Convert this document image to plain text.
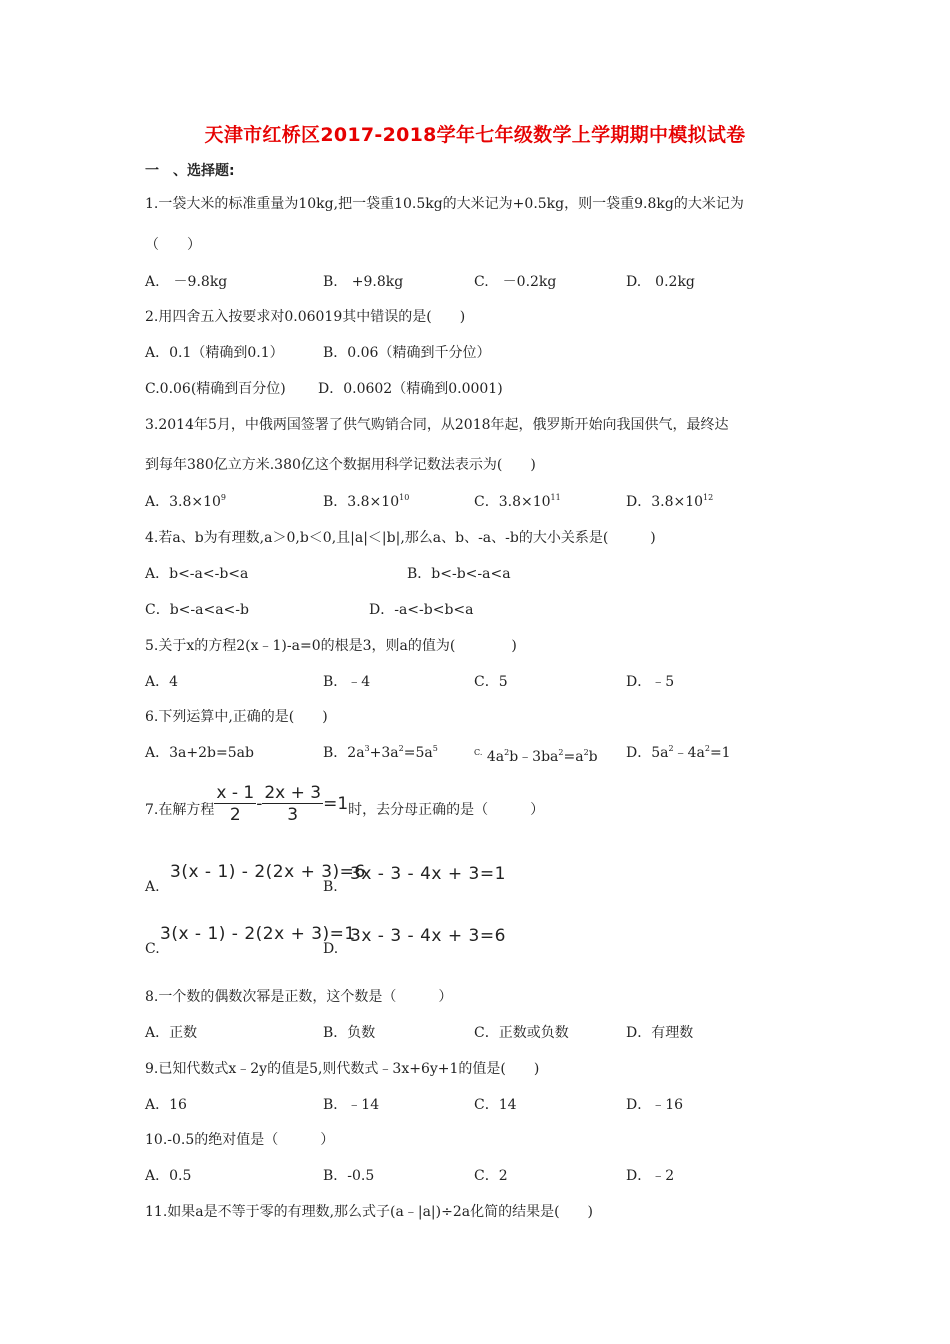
天津市红桥区2017-2018学年七年级数学上学期期中模拟试卷
一　、选择题:
1.一袋大米的标准重量为10kg,把一袋重10.5kg的大米记为+0.5kg，则一袋重9.8kg的大米记为
（　　）
A.　－9.8kg	B.　+9.8kg	C.　－0.2kg	D.　0.2kg
2.用四舍五入按要求对0.06019其中错误的是(　　)
A．0.1（精确到0.1）	B．0.06（精确到千分位）
C.0.06(精确到百分位) D．0.0602（精确到0.0001)
3.2014年5月，中俄两国签署了供气购销合同，从2018年起，俄罗斯开始向我国供气，最终达
到每年380亿立方米.380亿这个数据用科学记数法表示为(　　)
A．$3.8\times 10^9$	B．$3.8\times 10^{10}$	C．$3.8\times 10^{11}$	D．$3.8\times 10^{12}$
4.若a、b为有理数,a＞0,b＜0,且|a|＜|b|,那么a、b、-a、-b的大小关系是(　　　)
A．b<-a<-b<a	B．b<-b<-a<a
C．b<-a<a<-b	D．-a<-b<b<a
5.关于x的方程2(x﹣1)-a=0的根是3，则a的值为(　　　　)
A．4	B．﹣4	C．5	D．﹣5
6.下列运算中,正确的是(　　)
A．3a+2b=5ab	B．$2a^3+3a^2=5a^5$	$^{C.}$ $4a^2b﹣3ba^2=a^2b$ D．$5a^2﹣4a^2=1$
7.在解方程 $\frac{x - 1}{2} - \frac{2x + 3}{3} =1$时，去分母正确的是（　　　）
A.
3(x - 1) - 2(2x + 3)=6
B.
3x - 3 - 4x + 3=1
C.
3(x - 1) - 2(2x + 3)=1
D.
3x - 3 - 4x + 3=6
8.一个数的偶数次幂是正数，这个数是（　　　）
A．正数	B．负数	C．正数或负数	D．有理数
9.已知代数式x﹣2y的值是5,则代数式﹣3x+6y+1的值是(　　)
A．16	B．﹣14	C．14	D．﹣16
10.-0.5的绝对值是（　　　）
A．0.5	B．-0.5	C．2	D．﹣2
11.如果a是不等于零的有理数,那么式子(a﹣|a|)÷2a化简的结果是(　　)
